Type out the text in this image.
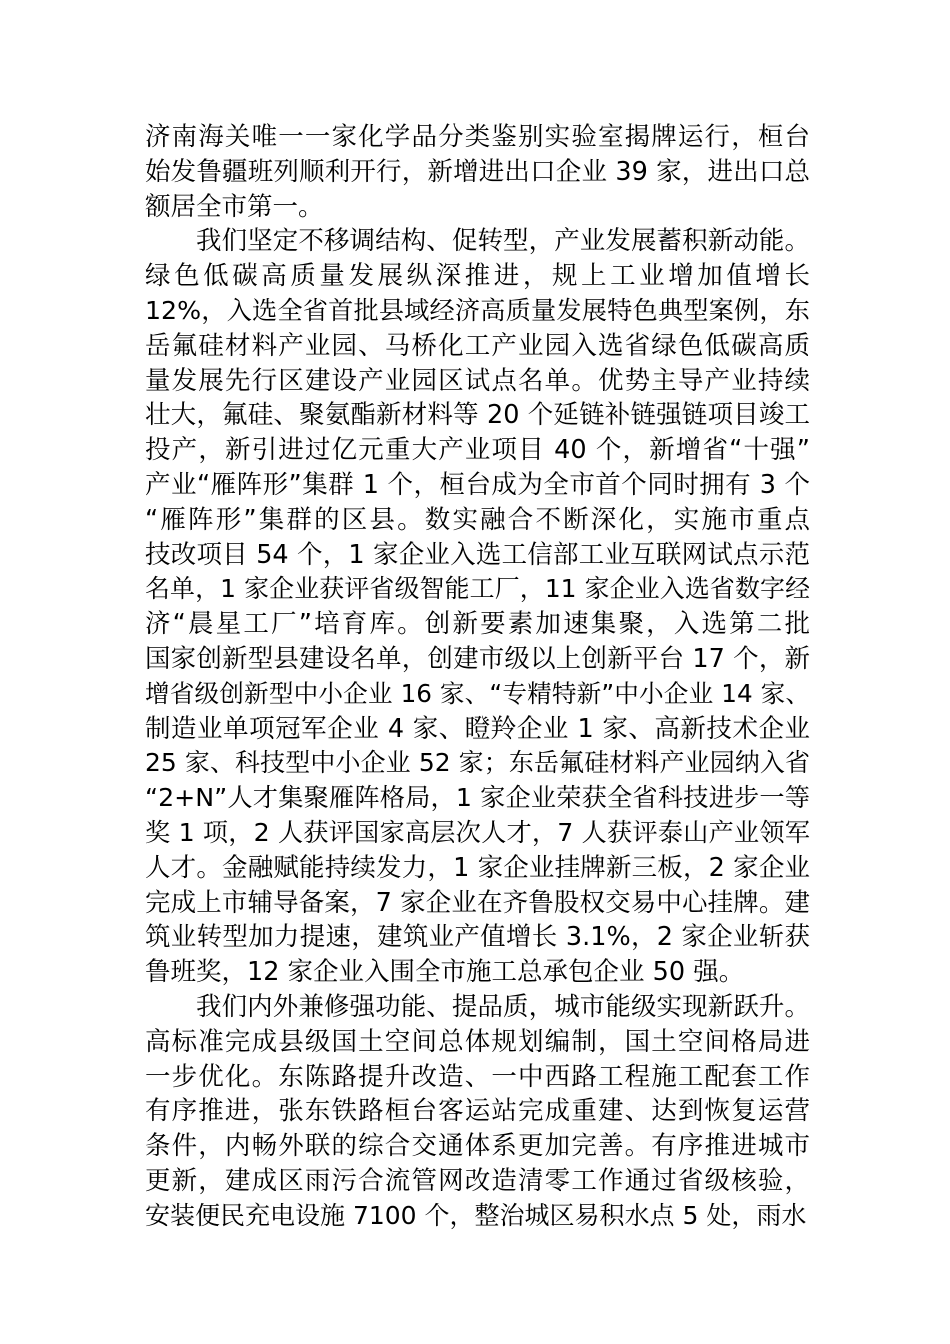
济南海关唯一一家化学品分类鉴别实验室揭牌运行，桓台
始发鲁疆班列顺利开行，新增进出口企业 39 家，进出口总
额居全市第一。
我们坚定不移调结构、促转型，产业发展蓄积新动能。
绿色低碳高质量发展纵深推进，规上工业增加值增长
12%，入选全省首批县域经济高质量发展特色典型案例，东
岳氟硅材料产业园、马桥化工产业园入选省绿色低碳高质
量发展先行区建设产业园区试点名单。优势主导产业持续
壮大，氟硅、聚氨酯新材料等 20 个延链补链强链项目竣工
投产，新引进过亿元重大产业项目 40 个，新增省“十强”
产业“雁阵形”集群 1 个，桓台成为全市首个同时拥有 3 个
“雁阵形”集群的区县。数实融合不断深化，实施市重点
技改项目 54 个，1 家企业入选工信部工业互联网试点示范
名单，1 家企业获评省级智能工厂，11 家企业入选省数字经
济“晨星工厂”培育库。创新要素加速集聚，入选第二批
国家创新型县建设名单，创建市级以上创新平台 17 个，新
增省级创新型中小企业 16 家、“专精特新”中小企业 14 家、
制造业单项冠军企业 4 家、瞪羚企业 1 家、高新技术企业
25 家、科技型中小企业 52 家；东岳氟硅材料产业园纳入省
“2+N”人才集聚雁阵格局，1 家企业荣获全省科技进步一等
奖 1 项，2 人获评国家高层次人才，7 人获评泰山产业领军
人才。金融赋能持续发力，1 家企业挂牌新三板，2 家企业
完成上市辅导备案，7 家企业在齐鲁股权交易中心挂牌。建
筑业转型加力提速，建筑业产值增长 3.1%，2 家企业斩获
鲁班奖，12 家企业入围全市施工总承包企业 50 强。
我们内外兼修强功能、提品质，城市能级实现新跃升。
高标准完成县级国土空间总体规划编制，国土空间格局进
一步优化。东陈路提升改造、一中西路工程施工配套工作
有序推进，张东铁路桓台客运站完成重建、达到恢复运营
条件，内畅外联的综合交通体系更加完善。有序推进城市
更新，建成区雨污合流管网改造清零工作通过省级核验，
安装便民充电设施 7100 个，整治城区易积水点 5 处，雨水
